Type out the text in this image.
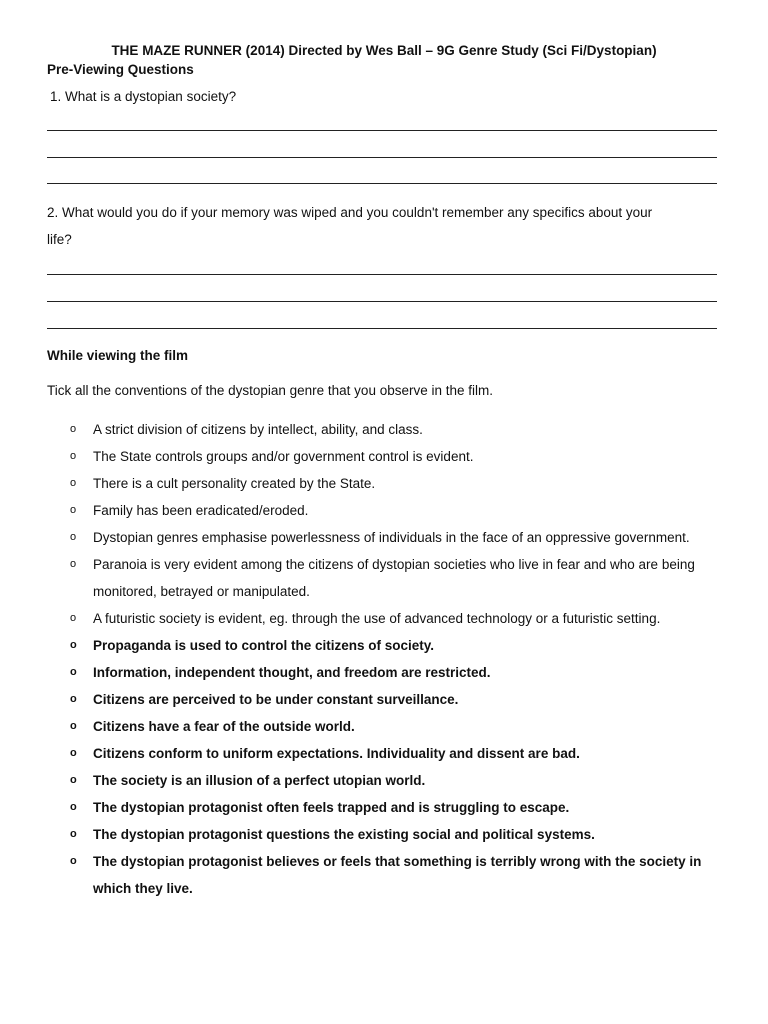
THE MAZE RUNNER (2014) Directed by Wes Ball – 9G Genre Study (Sci Fi/Dystopian)
Pre-Viewing Questions
1. What is a dystopian society?
2. What would you do if your memory was wiped and you couldn't remember any specifics about your
life?
While viewing the film
Tick all the conventions of the dystopian genre that you observe in the film.
o A strict division of citizens by intellect, ability, and class.
o The State controls groups and/or government control is evident.
o There is a cult personality created by the State.
o Family has been eradicated/eroded.
o Dystopian genres emphasise powerlessness of individuals in the face of an oppressive government.
o Paranoia is very evident among the citizens of dystopian societies who live in fear and who are being monitored, betrayed or manipulated.
o A futuristic society is evident, eg. through the use of advanced technology or a futuristic setting.
o Propaganda is used to control the citizens of society.
o Information, independent thought, and freedom are restricted.
o Citizens are perceived to be under constant surveillance.
o Citizens have a fear of the outside world.
o Citizens conform to uniform expectations. Individuality and dissent are bad.
o The society is an illusion of a perfect utopian world.
o The dystopian protagonist often feels trapped and is struggling to escape.
o The dystopian protagonist questions the existing social and political systems.
o The dystopian protagonist believes or feels that something is terribly wrong with the society in which they live.
